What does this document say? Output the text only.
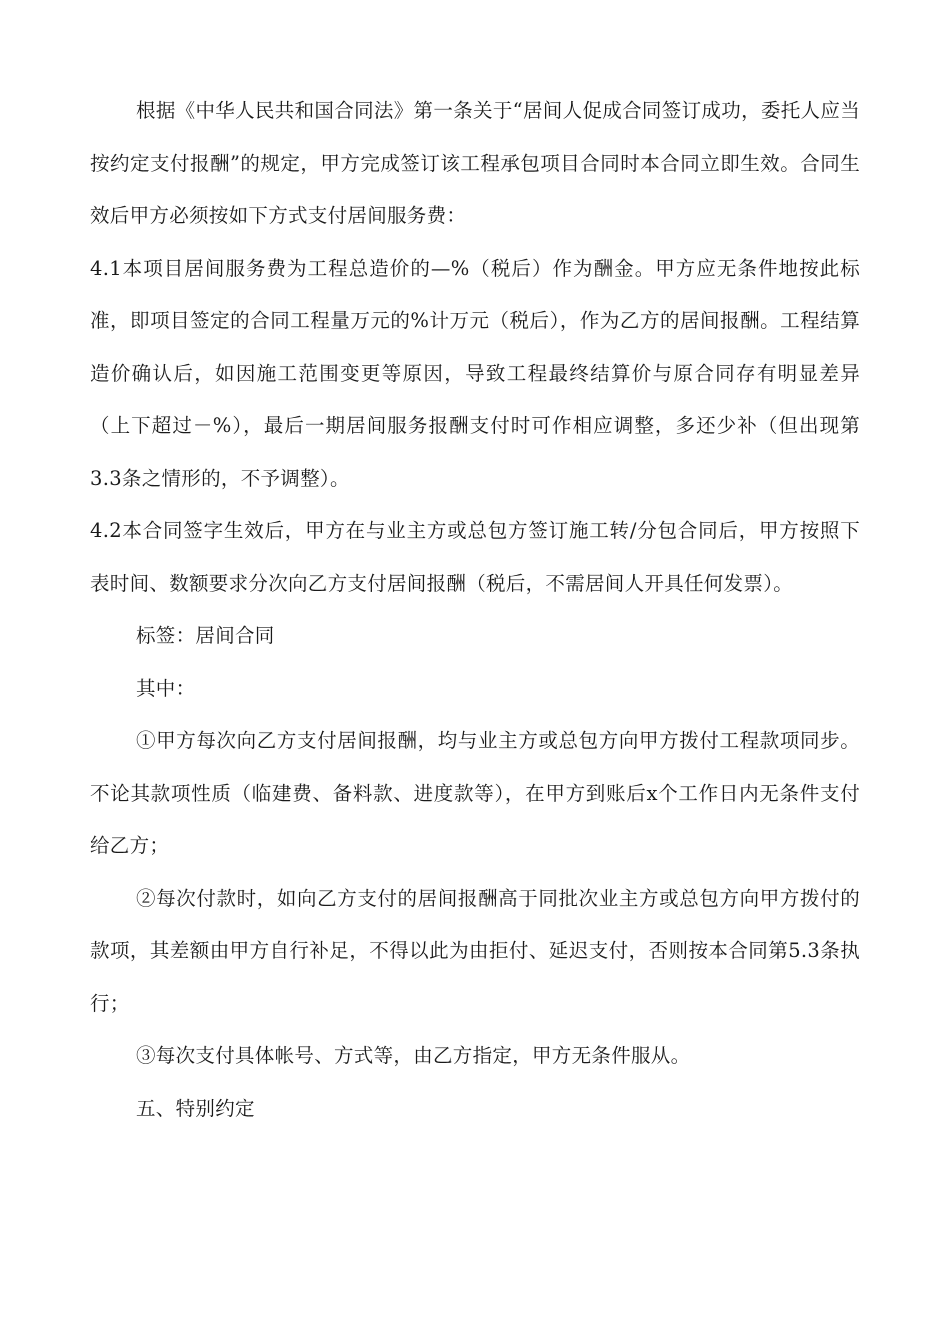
根据《中华人民共和国合同法》第一条关于“居间人促成合同签订成功，委托人应当按约定支付报酬”的规定，甲方完成签订该工程承包项目合同时本合同立即生效。合同生效后甲方必须按如下方式支付居间服务费：

4.1本项目居间服务费为工程总造价的—%（税后）作为酬金。甲方应无条件地按此标准，即项目签定的合同工程量万元的%计万元（税后），作为乙方的居间报酬。工程结算造价确认后，如因施工范围变更等原因，导致工程最终结算价与原合同存有明显差异（上下超过－%），最后一期居间服务报酬支付时可作相应调整，多还少补（但出现第3.3条之情形的，不予调整）。

4.2本合同签字生效后，甲方在与业主方或总包方签订施工转/分包合同后，甲方按照下表时间、数额要求分次向乙方支付居间报酬（税后，不需居间人开具任何发票）。

标签：居间合同

其中：

①甲方每次向乙方支付居间报酬，均与业主方或总包方向甲方拨付工程款项同步。不论其款项性质（临建费、备料款、进度款等），在甲方到账后x个工作日内无条件支付给乙方；

②每次付款时，如向乙方支付的居间报酬高于同批次业主方或总包方向甲方拨付的款项，其差额由甲方自行补足，不得以此为由拒付、延迟支付，否则按本合同第5.3条执行；

③每次支付具体帐号、方式等，由乙方指定，甲方无条件服从。

五、特别约定
